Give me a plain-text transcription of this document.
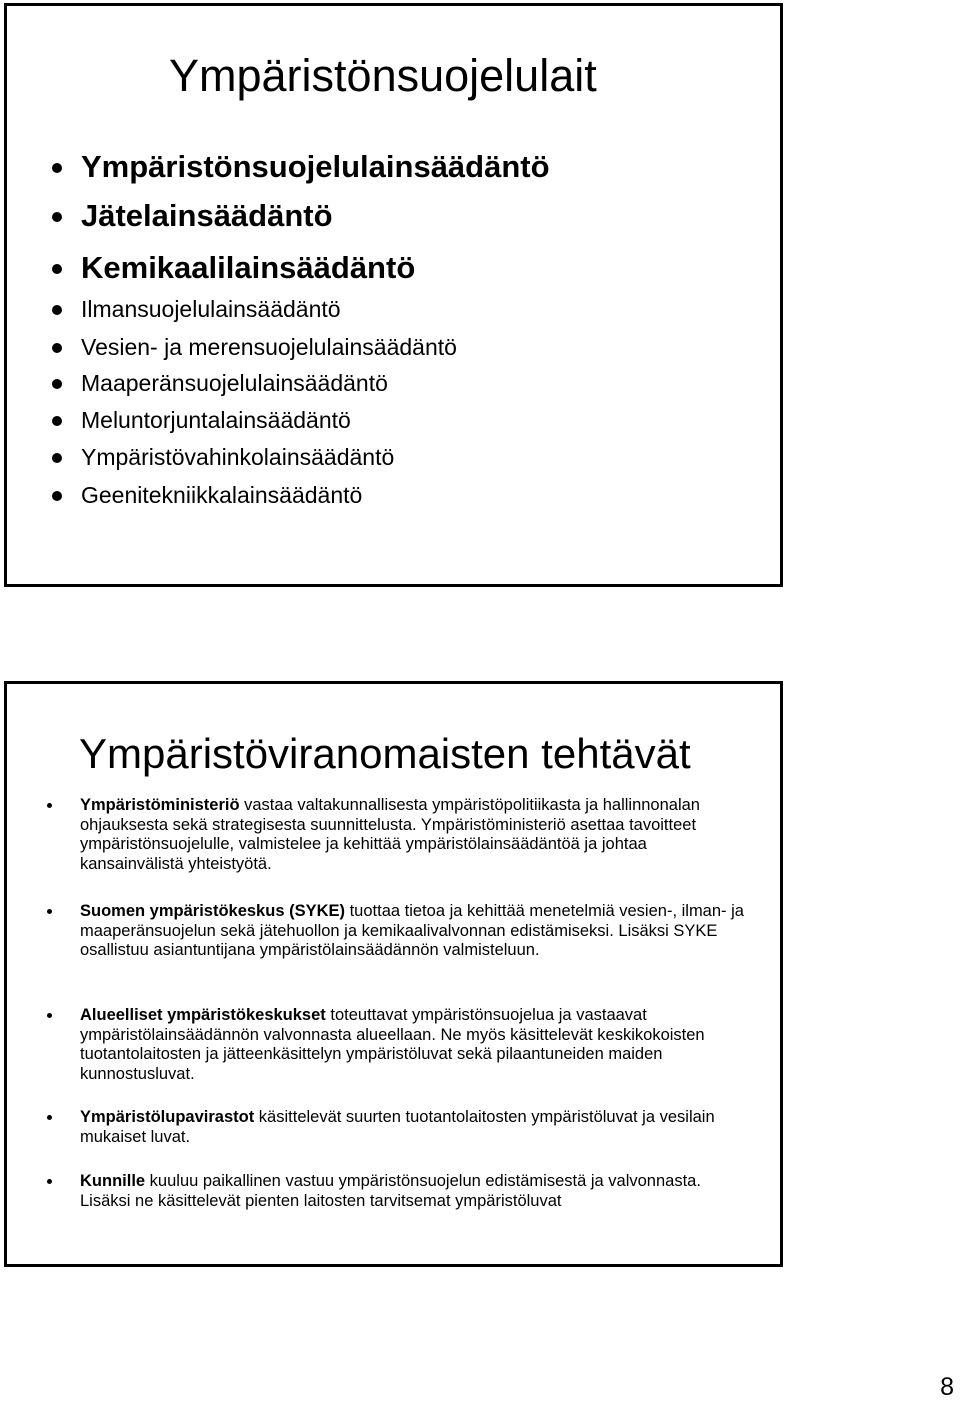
Ympäristönsuojelulait
Ympäristönsuojelulainsäädäntö
Jätelainsäädäntö
Kemikaalilainsäädäntö
Ilmansuojelulainsäädäntö
Vesien- ja merensuojelulainsäädäntö
Maaperänsuojelulainsäädäntö
Meluntorjuntalainsäädäntö
Ympäristövahinkolainsäädäntö
Geenitekniikkalainsäädäntö
Ympäristöviranomaisten tehtävät
Ympäristöministeriö vastaa valtakunnallisesta ympäristöpolitiikasta ja hallinnonalan ohjauksesta sekä strategisesta suunnittelusta. Ympäristöministeriö asettaa tavoitteet ympäristönsuojelulle, valmistelee ja kehittää ympäristölainsäädäntöä ja johtaa kansainvälistä yhteistyötä.
Suomen ympäristökeskus (SYKE) tuottaa tietoa ja kehittää menetelmiä vesien-, ilman- ja maaperänsuojelun sekä jätehuollon ja kemikaalivalvonnan edistämiseksi. Lisäksi SYKE osallistuu asiantuntijana ympäristölainsäädännön valmisteluun.
Alueelliset ympäristökeskukset toteuttavat ympäristönsuojelua ja vastaavat ympäristölainsäädännön valvonnasta alueellaan. Ne myös käsittelevät keskikokoisten tuotantolaitosten ja jätteenkäsittelyn ympäristöluvat sekä pilaantuneiden maiden kunnostusluvat.
Ympäristölupavirastot käsittelevät suurten tuotantolaitosten ympäristöluvat ja vesilain mukaiset luvat.
Kunnille kuuluu paikallinen vastuu ympäristönsuojelun edistämisestä ja valvonnasta. Lisäksi ne käsittelevät pienten laitosten tarvitsemat ympäristöluvat
8
